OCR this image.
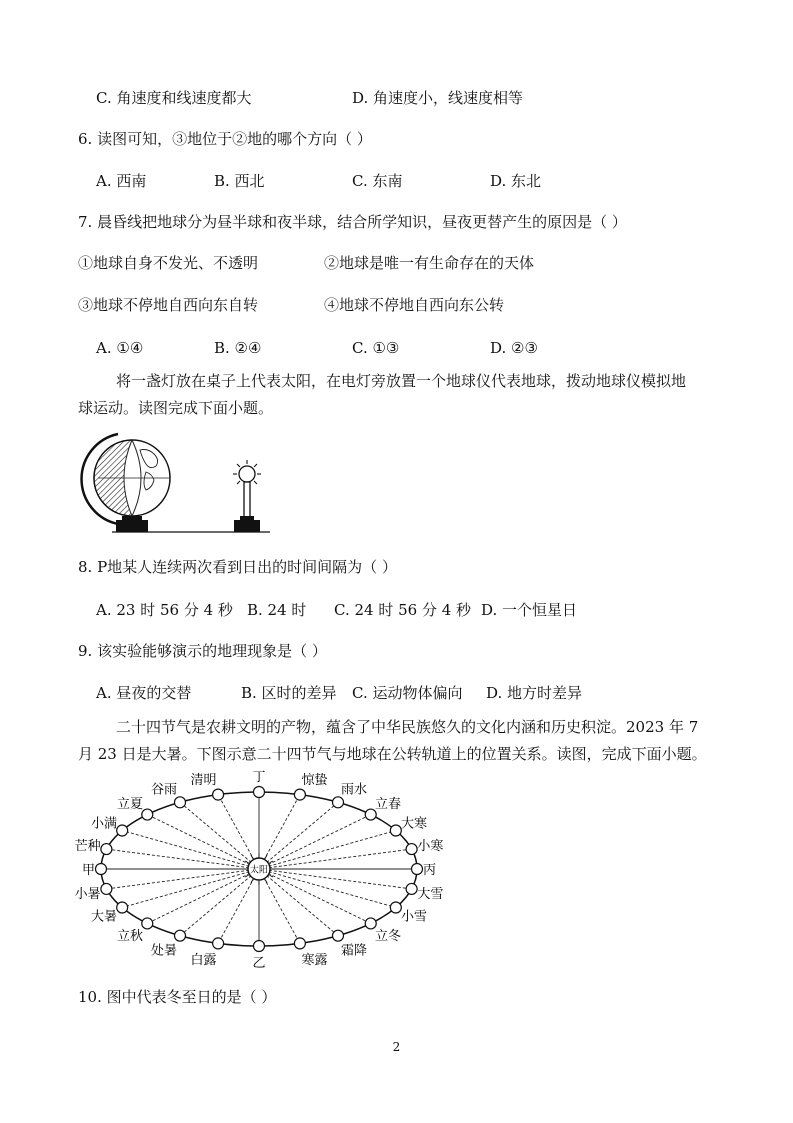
C. 角速度和线速度都大	D. 角速度小，线速度相等
6. 读图可知，③地位于②地的哪个方向（ ）
A. 西南	B. 西北	C. 东南	D. 东北
7. 晨昏线把地球分为昼半球和夜半球，结合所学知识，昼夜更替产生的原因是（ ）
①地球自身不发光、不透明	②地球是唯一有生命存在的天体
③地球不停地自西向东自转	④地球不停地自西向东公转
A. ①④	B. ②④	C. ①③	D. ②③
将一盏灯放在桌子上代表太阳，在电灯旁放置一个地球仪代表地球，拨动地球仪模拟地
球运动。读图完成下面小题。
8. P地某人连续两次看到日出的时间间隔为（ ）
A. 23 时 56 分 4 秒 B. 24 时 C. 24 时 56 分 4 秒 D. 一个恒星日
9. 该实验能够演示的地理现象是（ ）
A. 昼夜的交替	B. 区时的差异 C. 运动物体偏向 D. 地方时差异
二十四节气是农耕文明的产物，蕴含了中华民族悠久的文化内涵和历史积淀。2023 年 7
月 23 日是大暑。下图示意二十四节气与地球在公转轨道上的位置关系。读图，完成下面小题。
立夏
谷雨
清明	丁	惊蛰
雨水
立春
大寒
小寒
丙
大雪
小雪
立冬
霜降
寒露
乙
白露
处暑
立秋
大暑
小暑
甲
芒种
小满
太阳
10. 图中代表冬至日的是（ ）
2
